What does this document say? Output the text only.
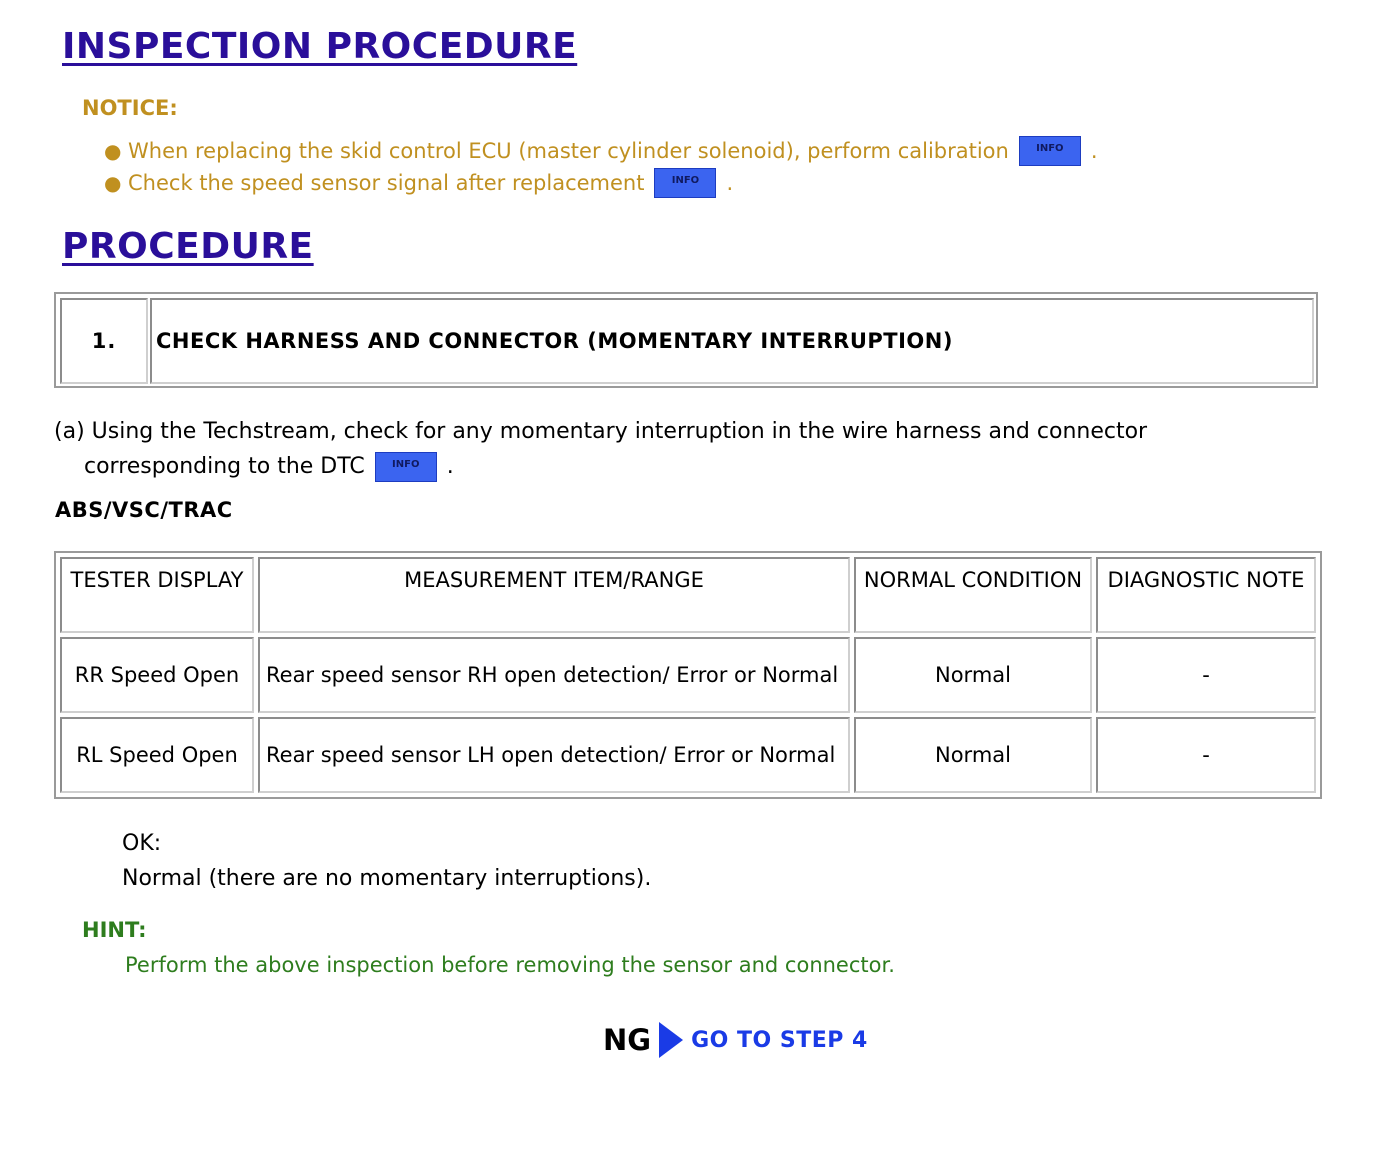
INSPECTION PROCEDURE
NOTICE:
● When replacing the skid control ECU (master cylinder solenoid), perform calibration	INFO	.
● Check the speed sensor signal after replacement	INFO	.
PROCEDURE
1.	CHECK HARNESS AND CONNECTOR (MOMENTARY INTERRUPTION)
(a) Using the Techstream, check for any momentary interruption in the wire harness and connector
corresponding to the DTC	INFO	.
ABS/VSC/TRAC
TESTER DISPLAY	MEASUREMENT ITEM/RANGE	NORMAL CONDITION	DIAGNOSTIC NOTE
RR Speed Open	Rear speed sensor RH open detection/ Error or Normal	Normal	-
RL Speed Open	Rear speed sensor LH open detection/ Error or Normal	Normal	-
OK:
Normal (there are no momentary interruptions).
HINT:
Perform the above inspection before removing the sensor and connector.
NG GO TO STEP 4
